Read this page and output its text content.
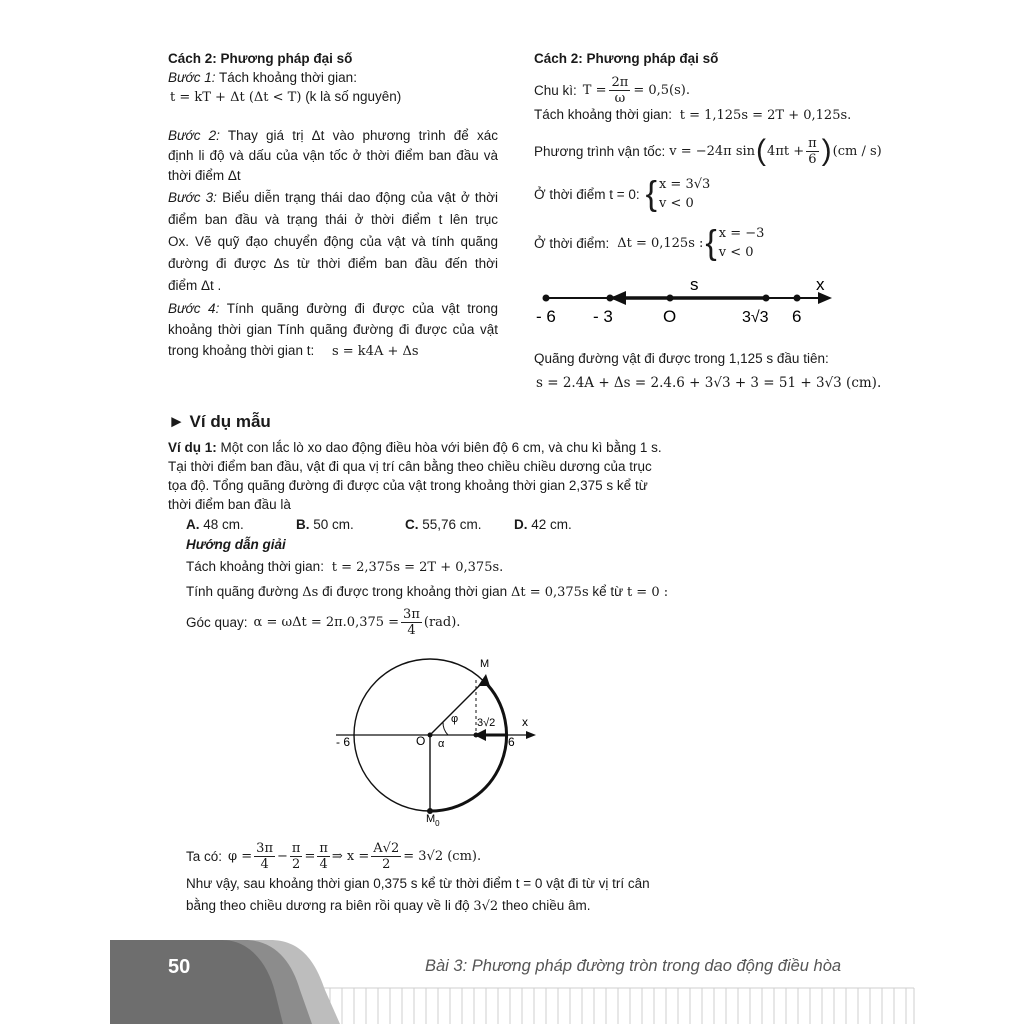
Cách 2: Phương pháp đại số
Bước 1: Tách khoảng thời gian:
t = kT + Δt (Δt < T) (k là số nguyên)
Bước 2: Thay giá trị Δt vào phương trình để xác
định li độ và dấu của vận tốc ở thời điểm ban đầu và
thời điểm Δt
Bước 3: Biểu diễn trạng thái dao động của vật ở thời
điểm ban đầu và trạng thái ở thời điểm t lên trục
Ox. Vẽ quỹ đạo chuyển động của vật và tính quãng
đường đi được Δs từ thời điểm ban đầu đến thời
điểm Δt .
Bước 4: Tính quãng đường đi được của vật trong
khoảng thời gian Tính quãng đường đi được của vật
trong khoảng thời gian t: s = k4A + Δs
Cách 2: Phương pháp đại số
Chu kì: $T = \frac{2\pi}{\omega} = 0,5(s)$.
Tách khoảng thời gian: t = 1,125s = 2T + 0,125s.
Phương trình vận tốc: v = −24π sin ( $4\pi t + \frac{\pi}{6}$ ) (cm / s)
Ở thời điểm t = 0: { x = 3√3
v < 0
Ở thời điểm: Δt = 0,125s : { x = −3
v < 0
s	x
- 6 - 3	O	3√3 6
Quãng đường vật đi được trong 1,125 s đầu tiên:
s = 2.4A + Δs = 2.4.6 + 3√3 + 3 = 51 + 3√3 (cm).
► Ví dụ mẫu
Ví dụ 1: Một con lắc lò xo dao động điều hòa với biên độ 6 cm, và chu kì bằng 1 s.
Tại thời điểm ban đầu, vật đi qua vị trí cân bằng theo chiều chiều dương của trục
tọa độ. Tổng quãng đường đi được của vật trong khoảng thời gian 2,375 s kể từ
thời điểm ban đầu là
A. 48 cm.	B. 50 cm.	C. 55,76 cm. D. 42 cm.
Hướng dẫn giải
Tách khoảng thời gian: t = 2,375s = 2T + 0,375s.
Tính quãng đường Δs đi được trong khoảng thời gian Δt = 0,375s kể từ t = 0 :
Góc quay: $\alpha = \omega\Delta t = 2\pi.0,375 = \frac{3\pi}{4} (rad)$.
M
$M_0$
O
x
- 6	6
φ
α
3√2
Ta có: $\varphi = \frac{3\pi}{4} - \frac{\pi}{2} = \frac{\pi}{4}$ ⇒ $x = \frac{A√2}{2} = 3√2$ (cm).
Như vậy, sau khoảng thời gian 0,375 s kể từ thời điểm t = 0 vật đi từ vị trí cân
bằng theo chiều dương ra biên rồi quay về li độ 3√2 theo chiều âm.
50	Bài 3: Phương pháp đường tròn trong dao động điều hòa
